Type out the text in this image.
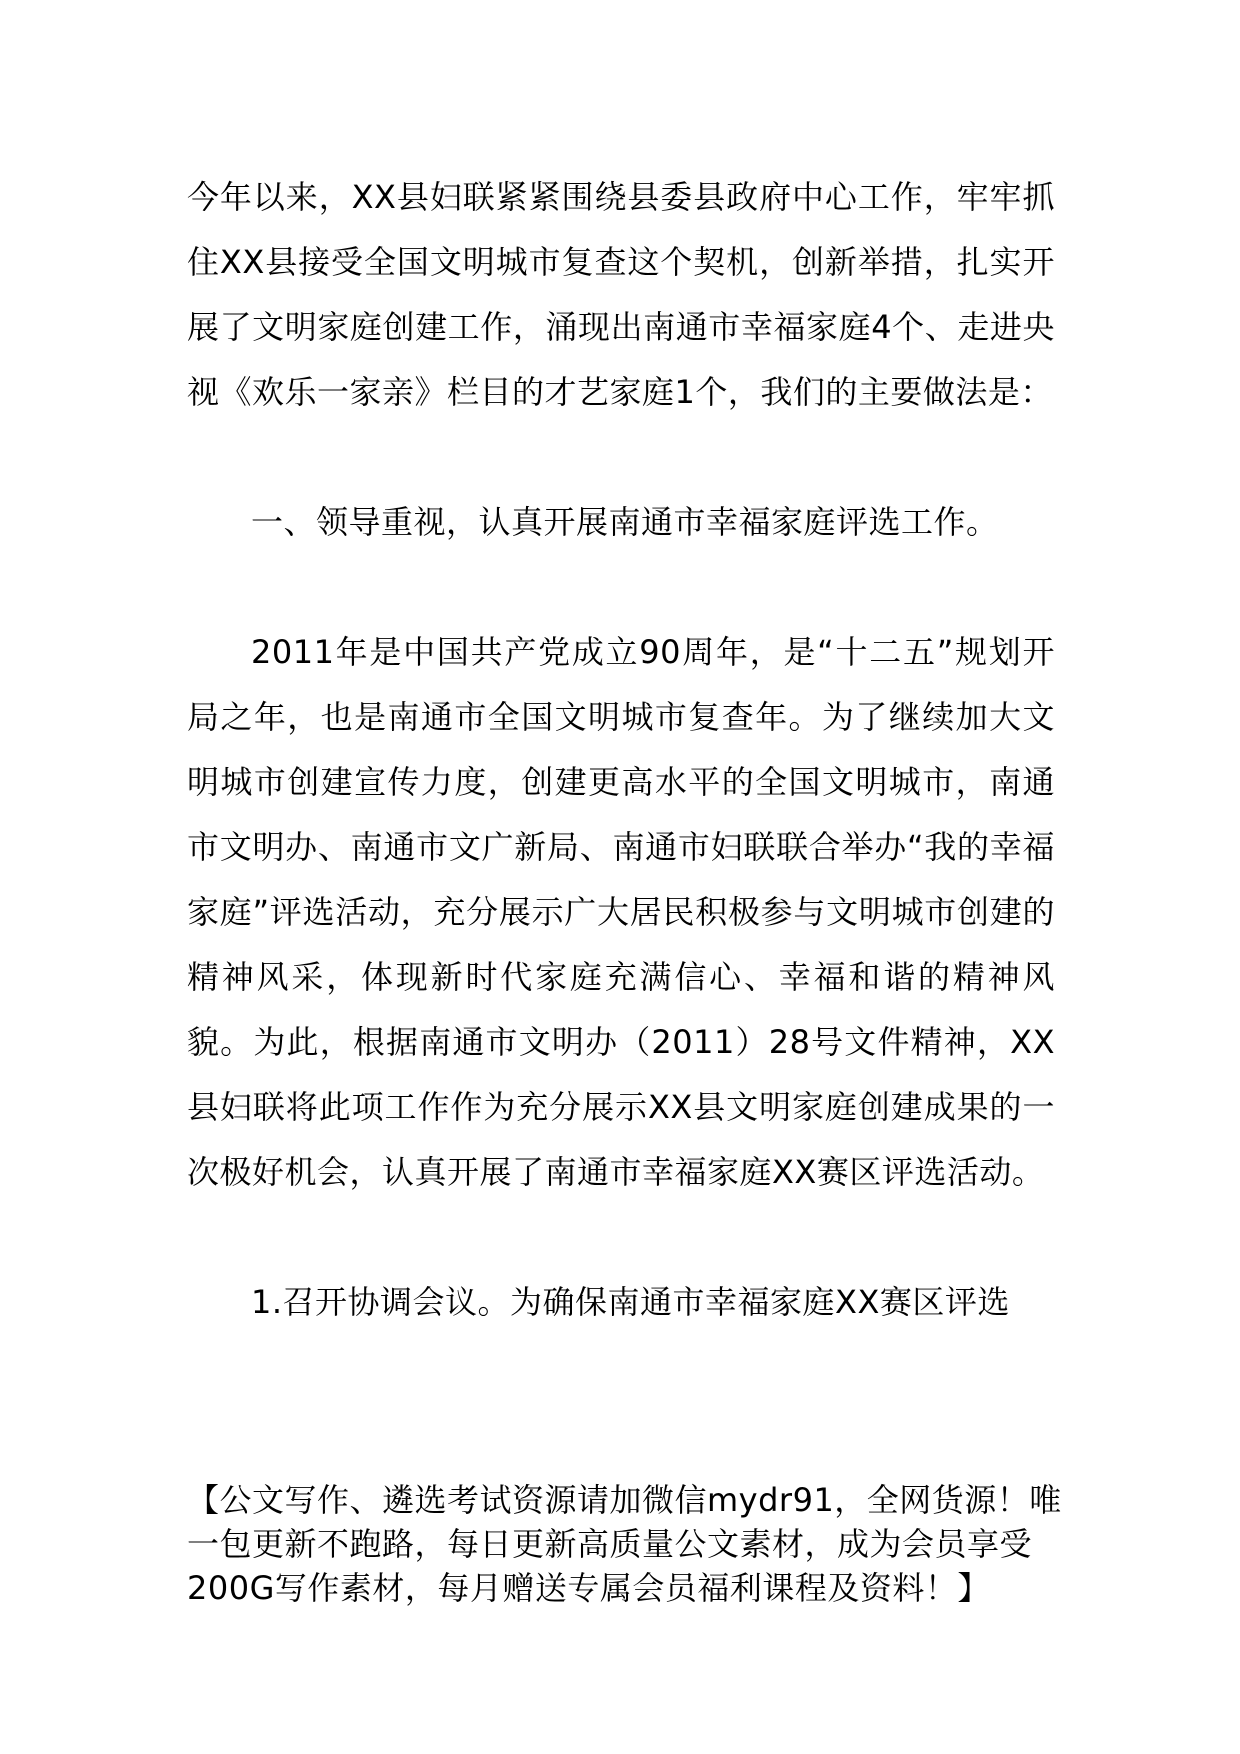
今年以来，XX县妇联紧紧围绕县委县政府中心工作，牢牢抓住XX县接受全国文明城市复查这个契机，创新举措，扎实开展了文明家庭创建工作，涌现出南通市幸福家庭4个、走进央视《欢乐一家亲》栏目的才艺家庭1个，我们的主要做法是：

一、领导重视，认真开展南通市幸福家庭评选工作。

2011年是中国共产党成立90周年，是“十二五”规划开局之年，也是南通市全国文明城市复查年。为了继续加大文明城市创建宣传力度，创建更高水平的全国文明城市，南通市文明办、南通市文广新局、南通市妇联联合举办“我的幸福家庭”评选活动，充分展示广大居民积极参与文明城市创建的精神风采，体现新时代家庭充满信心、幸福和谐的精神风貌。为此，根据南通市文明办（2011）28号文件精神，XX县妇联将此项工作作为充分展示XX县文明家庭创建成果的一次极好机会，认真开展了南通市幸福家庭XX赛区评选活动。

1.召开协调会议。为确保南通市幸福家庭XX赛区评选

【公文写作、遴选考试资源请加微信mydr91，全网货源！唯一包更新不跑路，每日更新高质量公文素材，成为会员享受200G写作素材，每月赠送专属会员福利课程及资料！】
